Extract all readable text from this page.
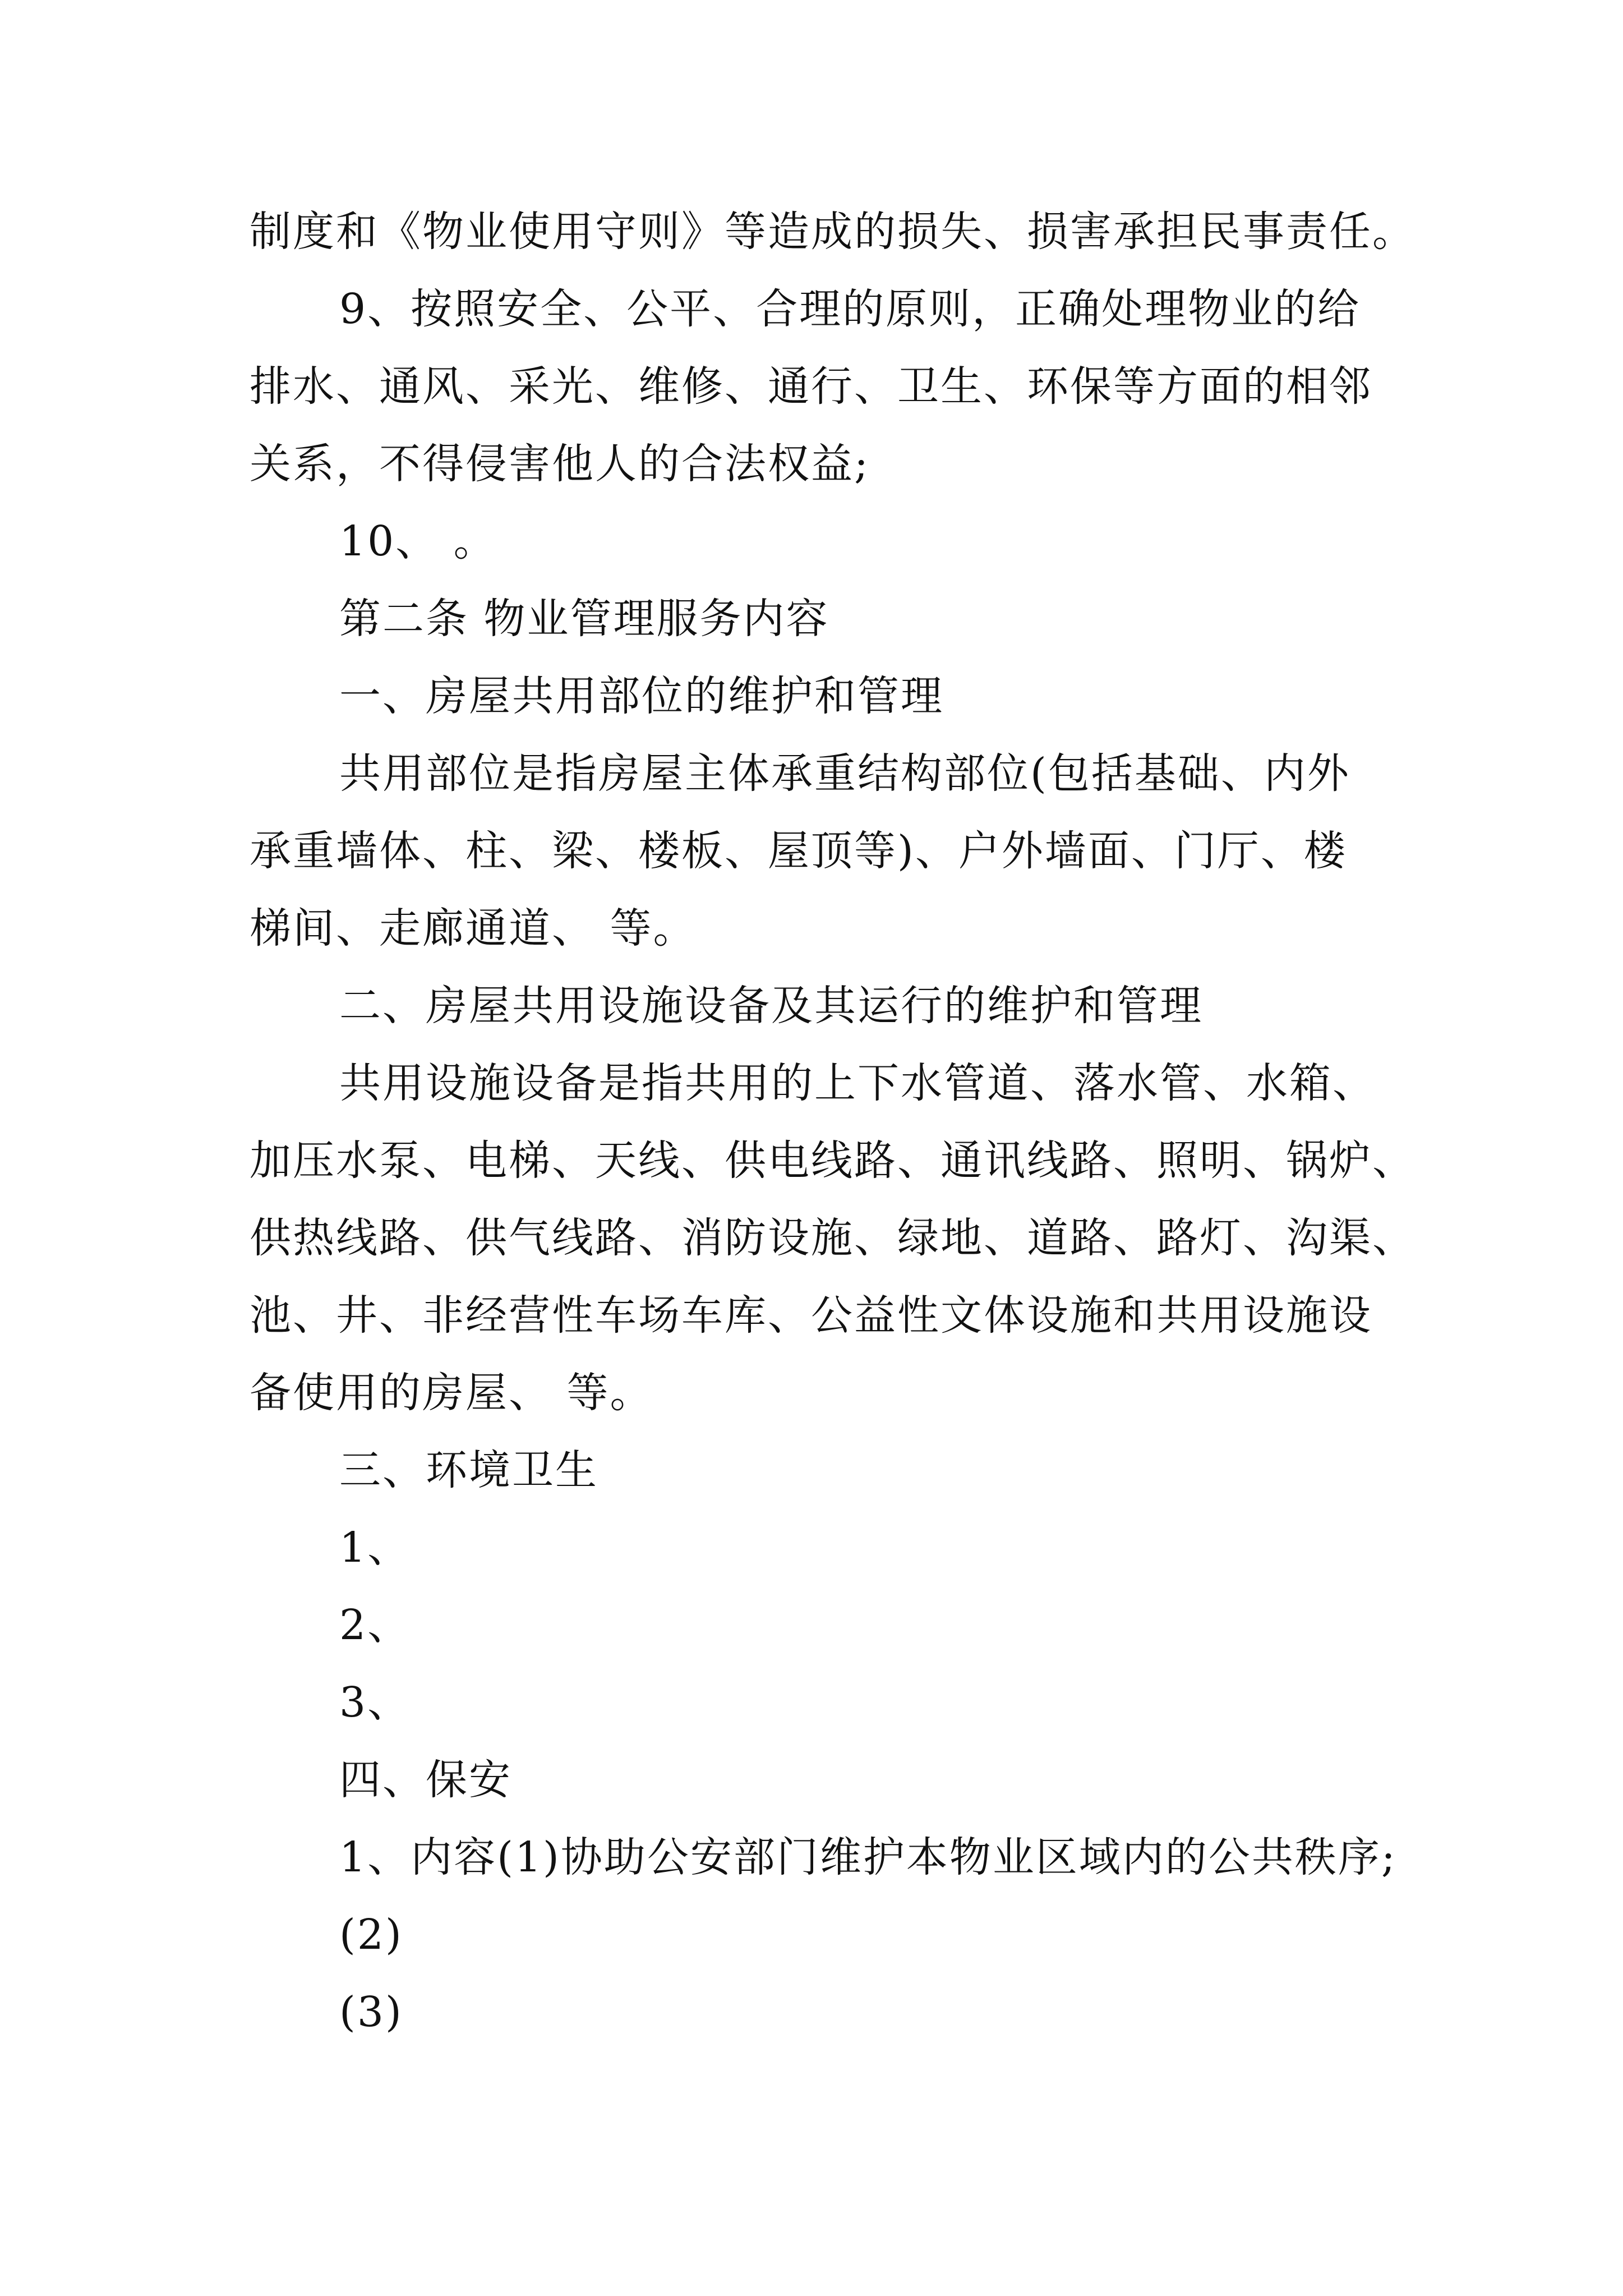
制度和《物业使用守则》等造成的损失、损害承担民事责任。
9、按照安全、公平、合理的原则，正确处理物业的给
排水、通风、采光、维修、通行、卫生、环保等方面的相邻
关系，不得侵害他人的合法权益;
10、 。
第二条 物业管理服务内容
一、房屋共用部位的维护和管理
共用部位是指房屋主体承重结构部位(包括基础、内外
承重墙体、柱、梁、楼板、屋顶等)、户外墙面、门厅、楼
梯间、走廊通道、 等。
二、房屋共用设施设备及其运行的维护和管理
共用设施设备是指共用的上下水管道、落水管、水箱、
加压水泵、电梯、天线、供电线路、通讯线路、照明、锅炉、
供热线路、供气线路、消防设施、绿地、道路、路灯、沟渠、
池、井、非经营性车场车库、公益性文体设施和共用设施设
备使用的房屋、 等。
三、环境卫生
1、
2、
3、
四、保安
1、内容(1)协助公安部门维护本物业区域内的公共秩序;
(2)
(3)
